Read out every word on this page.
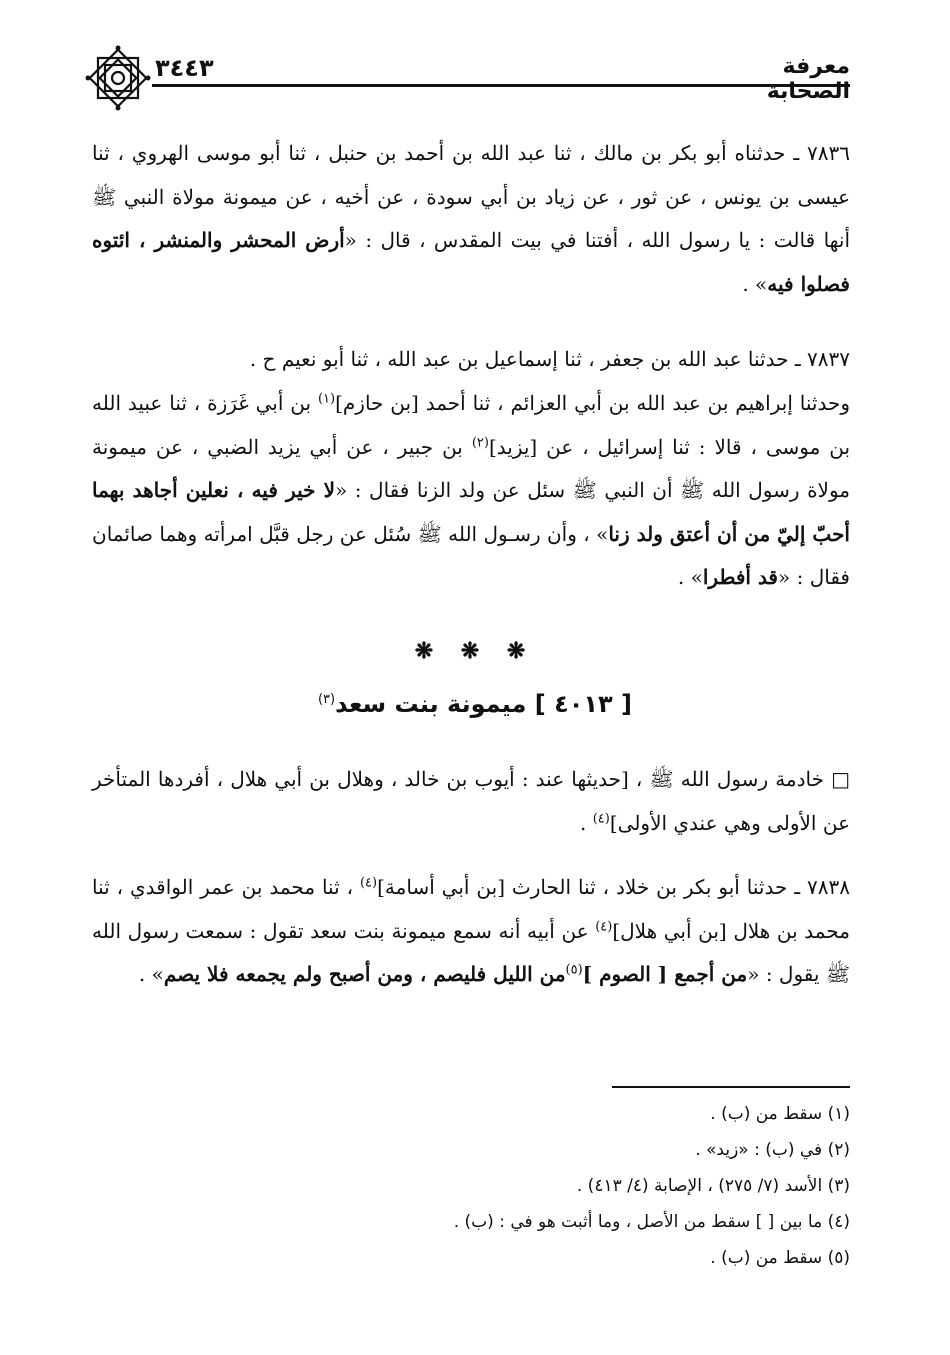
معرفة الصحابة
٣٤٤٣

٧٨٣٦ ـ حدثناه أبو بكر بن مالك ، ثنا عبد الله بن أحمد بن حنبل ، ثنا أبو موسى الهروي ، ثنا عيسى بن يونس ، عن ثور ، عن زياد بن أبي سودة ، عن أخيه ، عن ميمونة مولاة النبي ﷺ أنها قالت : يا رسول الله ، أفتنا في بيت المقدس ، قال : «أرض المحشر والمنشر ، ائتوه فصلوا فيه» .

٧٨٣٧ ـ حدثنا عبد الله بن جعفر ، ثنا إسماعيل بن عبد الله ، ثنا أبو نعيم ح .

وحدثنا إبراهيم بن عبد الله بن أبي العزائم ، ثنا أحمد [بن حازم]$^{(١)}$ بن أبي غَرَزة ، ثنا عبيد الله بن موسى ، قالا : ثنا إسرائيل ، عن [يزيد]$^{(٢)}$ بن جبير ، عن أبي يزيد الضبي ، عن ميمونة مولاة رسول الله ﷺ أن النبي ﷺ سئل عن ولد الزنا فقال : «لا خير فيه ، نعلين أجاهد بهما أحبّ إليّ من أن أعتق ولد زنا» ، وأن رسـول الله ﷺ سُئل عن رجل قبَّل امرأته وهما صائمان فقال : «قد أفطرا» .

❋ ❋ ❋
[ ٤٠١٣ ] ميمونة بنت سعد$^{(٣)}$

□ خادمة رسول الله ﷺ ، [حديثها عند : أيوب بن خالد ، وهلال بن أبي هلال ، أفردها المتأخر عن الأولى وهي عندي الأولى]$^{(٤)}$ .

٧٨٣٨ ـ حدثنا أبو بكر بن خلاد ، ثنا الحارث [بن أبي أسامة]$^{(٤)}$ ، ثنا محمد بن عمر الواقدي ، ثنا محمد بن هلال [بن أبي هلال]$^{(٤)}$ عن أبيه أنه سمع ميمونة بنت سعد تقول : سمعت رسول الله ﷺ يقول : «من أجمع [ الصوم ]$^{(٥)}$من الليل فليصم ، ومن أصبح ولم يجمعه فلا يصم» .

(١) سقط من (ب) .
(٢) في (ب) : «زيد» .
(٣) الأسد (٧/ ٢٧٥) ، الإصابة (٤/ ٤١٣) .
(٤) ما بين [ ] سقط من الأصل ، وما أثبت هو في : (ب) .
(٥) سقط من (ب) .
